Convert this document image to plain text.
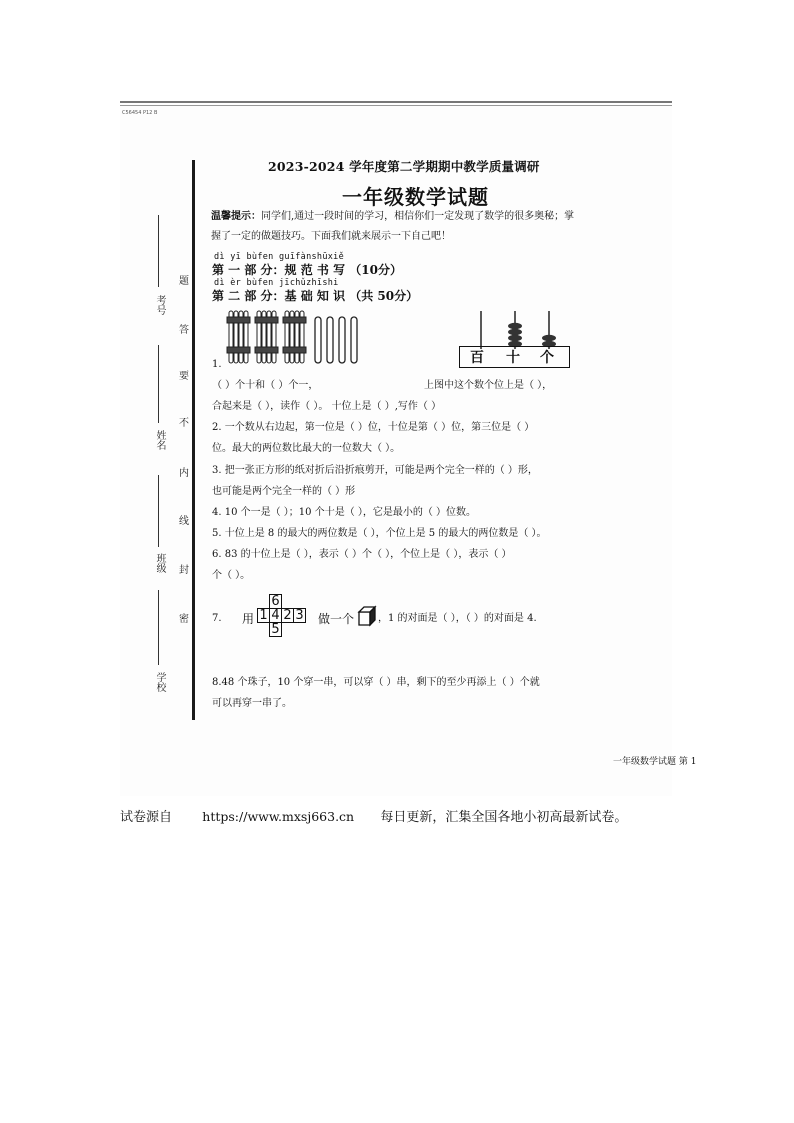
C56454 P12 B
考号
姓名
班级
学校
题
答
要
不
内
线
封
密
2023-2024 学年度第二学期期中教学质量调研
一年级数学试题
温馨提示：同学们,通过一段时间的学习，相信你们一定发现了数学的很多奥秘；掌
握了一定的做题技巧。下面我们就来展示一下自己吧！
dì yī bùfen guīfànshūxiě
第 一 部 分：规 范 书 写 （10分）
dì èr bùfen jīchǔzhīshi
第 二 部 分：基 础 知 识 （共 50分）
百 十 个
1.
（ ）个十和（ ）个一，	上图中这个数个位上是（ ），
合起来是（ ），读作（ ）。 十位上是（ ）,写作（ ）
2. 一个数从右边起，第一位是（ ）位，十位是第（ ）位，第三位是（ ）
位。最大的两位数比最大的一位数大（ ）。
3. 把一张正方形的纸对折后沿折痕剪开，可能是两个完全一样的（ ）形，
也可能是两个完全一样的（ ）形
4. 10 个一是（ ）；10 个十是（ ），它是最小的（ ）位数。
5. 十位上是 8 的最大的两位数是（ ），个位上是 5 的最大的两位数是（ ）。
6. 83 的十位上是（ ），表示（ ）个（ ），个位上是（ ），表示（ ）
个（ ）。
7. 用
	6		
1	4	2	3
	5		
做一个 ，1 的对面是（ ），（ ）的对面是 4.
8.48 个珠子，10 个穿一串，可以穿（ ）串，剩下的至少再添上（ ）个就
可以再穿一串了。
一年级数学试题 第 1
试卷源自 https://www.mxsj663.cn 每日更新，汇集全国各地小初高最新试卷。
